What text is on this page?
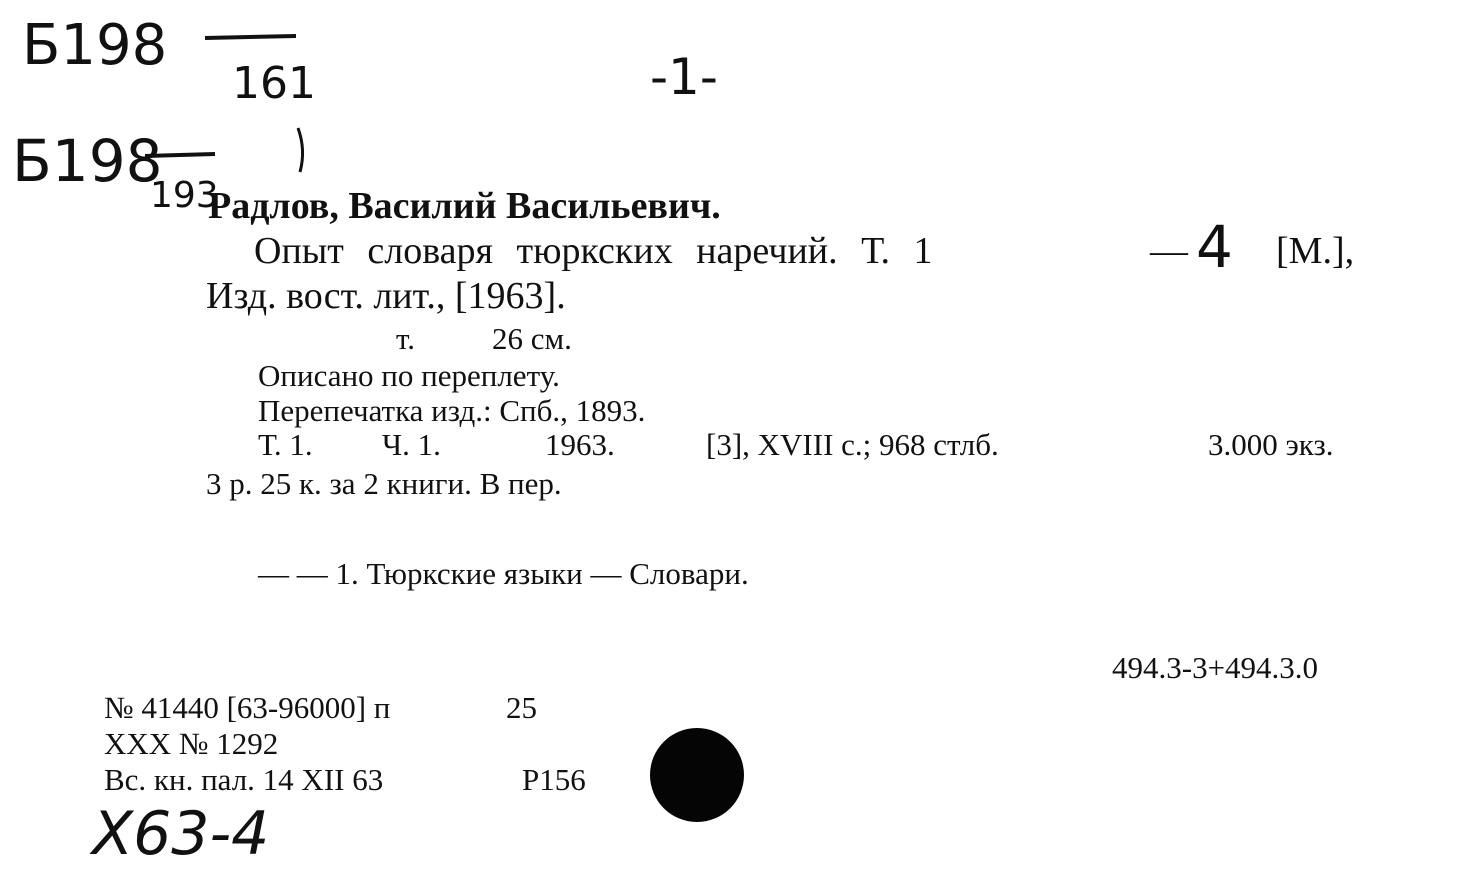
Б198
161	-1-
Б198
193
Радлов, Василий Васильевич.
Опыт словаря тюркских наречий. Т. 1	— 4 [М.],
Изд. вост. лит., [1963].
т. 26 см.
Описано по переплету.
Перепечатка изд.: Спб., 1893.
Т. 1. Ч. 1.	1963.	[3], XVIII с.; 968 стлб.	3.000 экз.
3 р. 25 к. за 2 книги. В пер.
— — 1. Тюркские языки — Словари.
494.3-3+494.3.0
№ 41440 [63-96000] п	25
XXX № 1292
Вс. кн. пал. 14 XII 63	Р156
Х63-4
